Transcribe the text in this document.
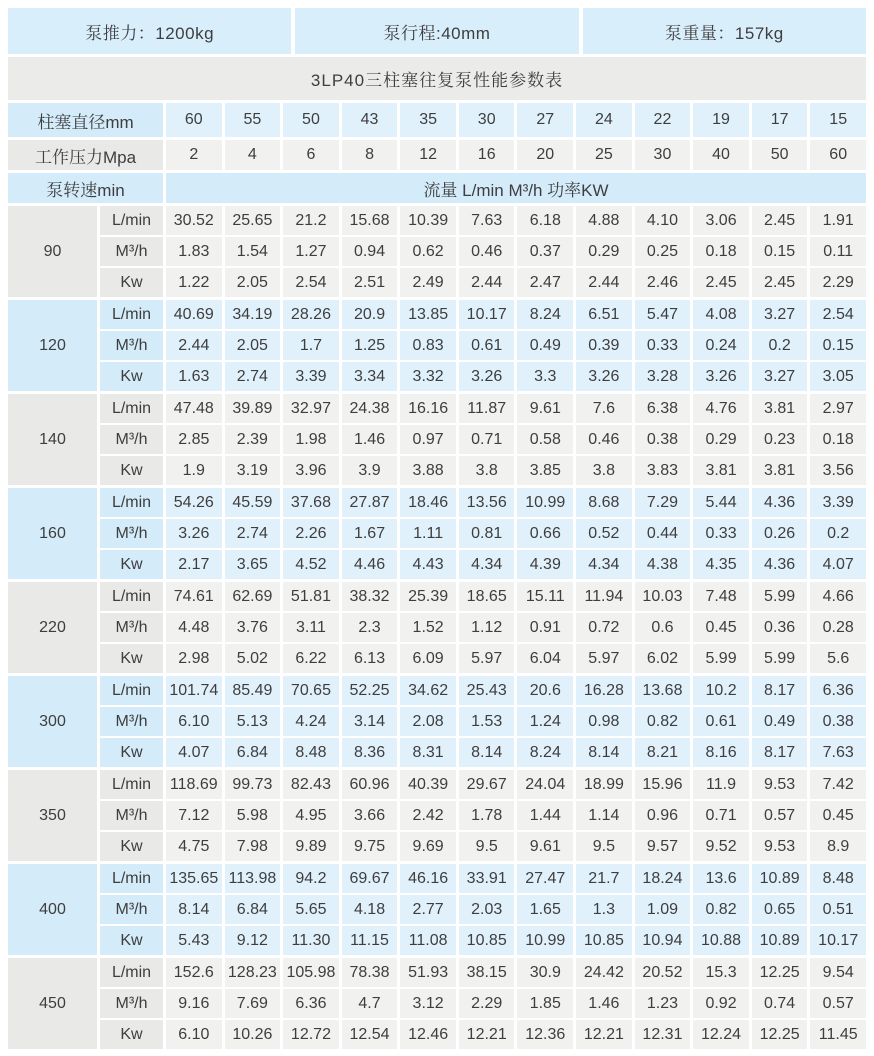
泵推力：1200kg	泵行程:40mm	泵重量：157kg
3LP40三柱塞往复泵性能参数表
柱塞直径mm	60	55	50	43	35	30	27	24	22	19	17	15
工作压力Mpa	2	4	6	8	12	16	20	25	30	40	50	60
泵转速min	流量 L/min M³/h 功率KW
90
L/min	30.52	25.65	21.2	15.68	10.39	7.63	6.18	4.88	4.10	3.06	2.45	1.91
M³/h	1.83	1.54	1.27	0.94	0.62	0.46	0.37	0.29	0.25	0.18	0.15	0.11
Kw	1.22	2.05	2.54	2.51	2.49	2.44	2.47	2.44	2.46	2.45	2.45	2.29
120
L/min	40.69	34.19	28.26	20.9	13.85	10.17	8.24	6.51	5.47	4.08	3.27	2.54
M³/h	2.44	2.05	1.7	1.25	0.83	0.61	0.49	0.39	0.33	0.24	0.2	0.15
Kw	1.63	2.74	3.39	3.34	3.32	3.26	3.3	3.26	3.28	3.26	3.27	3.05
140
L/min	47.48	39.89	32.97	24.38	16.16	11.87	9.61	7.6	6.38	4.76	3.81	2.97
M³/h	2.85	2.39	1.98	1.46	0.97	0.71	0.58	0.46	0.38	0.29	0.23	0.18
Kw	1.9	3.19	3.96	3.9	3.88	3.8	3.85	3.8	3.83	3.81	3.81	3.56
160
L/min	54.26	45.59	37.68	27.87	18.46	13.56	10.99	8.68	7.29	5.44	4.36	3.39
M³/h	3.26	2.74	2.26	1.67	1.11	0.81	0.66	0.52	0.44	0.33	0.26	0.2
Kw	2.17	3.65	4.52	4.46	4.43	4.34	4.39	4.34	4.38	4.35	4.36	4.07
220
L/min	74.61	62.69	51.81	38.32	25.39	18.65	15.11	11.94	10.03	7.48	5.99	4.66
M³/h	4.48	3.76	3.11	2.3	1.52	1.12	0.91	0.72	0.6	0.45	0.36	0.28
Kw	2.98	5.02	6.22	6.13	6.09	5.97	6.04	5.97	6.02	5.99	5.99	5.6
300
L/min	101.74 85.49	70.65	52.25	34.62	25.43	20.6	16.28	13.68	10.2	8.17	6.36
M³/h	6.10	5.13	4.24	3.14	2.08	1.53	1.24	0.98	0.82	0.61	0.49	0.38
Kw	4.07	6.84	8.48	8.36	8.31	8.14	8.24	8.14	8.21	8.16	8.17	7.63
350
L/min	118.69 99.73	82.43	60.96	40.39	29.67	24.04	18.99	15.96	11.9	9.53	7.42
M³/h	7.12	5.98	4.95	3.66	2.42	1.78	1.44	1.14	0.96	0.71	0.57	0.45
Kw	4.75	7.98	9.89	9.75	9.69	9.5	9.61	9.5	9.57	9.52	9.53	8.9
400
L/min	135.65 113.98	94.2	69.67	46.16	33.91	27.47	21.7	18.24	13.6	10.89	8.48
M³/h	8.14	6.84	5.65	4.18	2.77	2.03	1.65	1.3	1.09	0.82	0.65	0.51
Kw	5.43	9.12	11.30	11.15	11.08	10.85	10.99	10.85	10.94	10.88	10.89	10.17
450
L/min	152.6 128.23 105.98 78.38	51.93	38.15	30.9	24.42	20.52	15.3	12.25	9.54
M³/h	9.16	7.69	6.36	4.7	3.12	2.29	1.85	1.46	1.23	0.92	0.74	0.57
Kw	6.10	10.26	12.72	12.54	12.46	12.21	12.36	12.21	12.31	12.24	12.25	11.45
